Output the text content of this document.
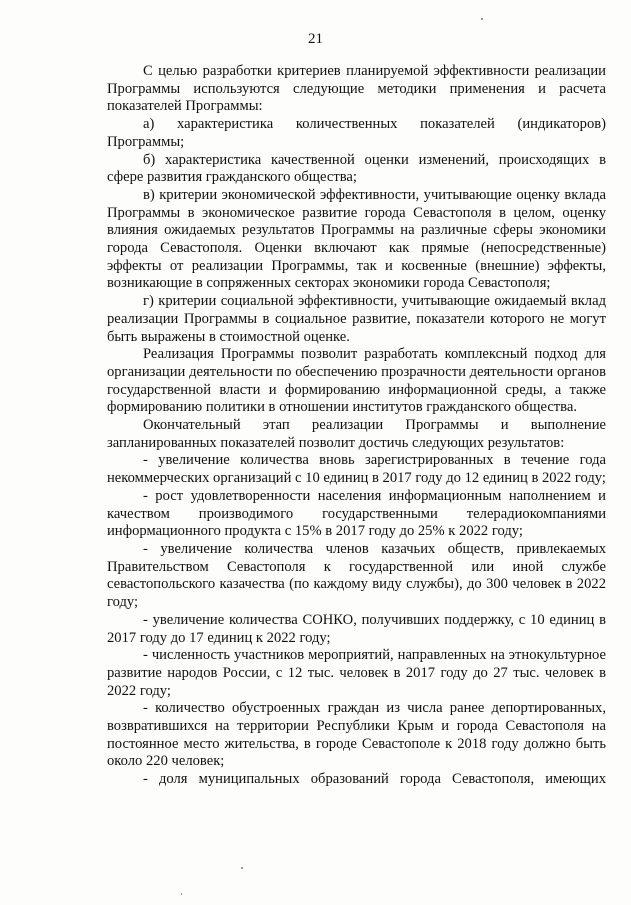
21

С целью разработки критериев планируемой эффективности реализации Программы используются следующие методики применения и расчета показателей Программы:

а) характеристика количественных показателей (индикаторов) Программы;

б) характеристика качественной оценки изменений, происходящих в сфере развития гражданского общества;

в) критерии экономической эффективности, учитывающие оценку вклада Программы в экономическое развитие города Севастополя в целом, оценку влияния ожидаемых результатов Программы на различные сферы экономики города Севастополя. Оценки включают как прямые (непосредственные) эффекты от реализации Программы, так и косвенные (внешние) эффекты, возникающие в сопряженных секторах экономики города Севастополя;

г) критерии социальной эффективности, учитывающие ожидаемый вклад реализации Программы в социальное развитие, показатели которого не могут быть выражены в стоимостной оценке.

Реализация Программы позволит разработать комплексный подход для организации деятельности по обеспечению прозрачности деятельности органов государственной власти и формированию информационной среды, а также формированию политики в отношении институтов гражданского общества.

Окончательный этап реализации Программы и выполнение запланированных показателей позволит достичь следующих результатов:

- увеличение количества вновь зарегистрированных в течение года некоммерческих организаций с 10 единиц в 2017 году до 12 единиц в 2022 году;

- рост удовлетворенности населения информационным наполнением и качеством производимого государственными телерадиокомпаниями информационного продукта с 15% в 2017 году до 25% к 2022 году;

- увеличение количества членов казачьих обществ, привлекаемых Правительством Севастополя к государственной или иной службе севастопольского казачества (по каждому виду службы), до 300 человек в 2022 году;

- увеличение количества СОНКО, получивших поддержку, с 10 единиц в 2017 году до 17 единиц к 2022 году;

- численность участников мероприятий, направленных на этнокультурное развитие народов России, с 12 тыс. человек в 2017 году до 27 тыс. человек в 2022 году;

- количество обустроенных граждан из числа ранее депортированных, возвратившихся на территории Республики Крым и города Севастополя на постоянное место жительства, в городе Севастополе к 2018 году должно быть около 220 человек;

- доля муниципальных образований города Севастополя, имеющих
